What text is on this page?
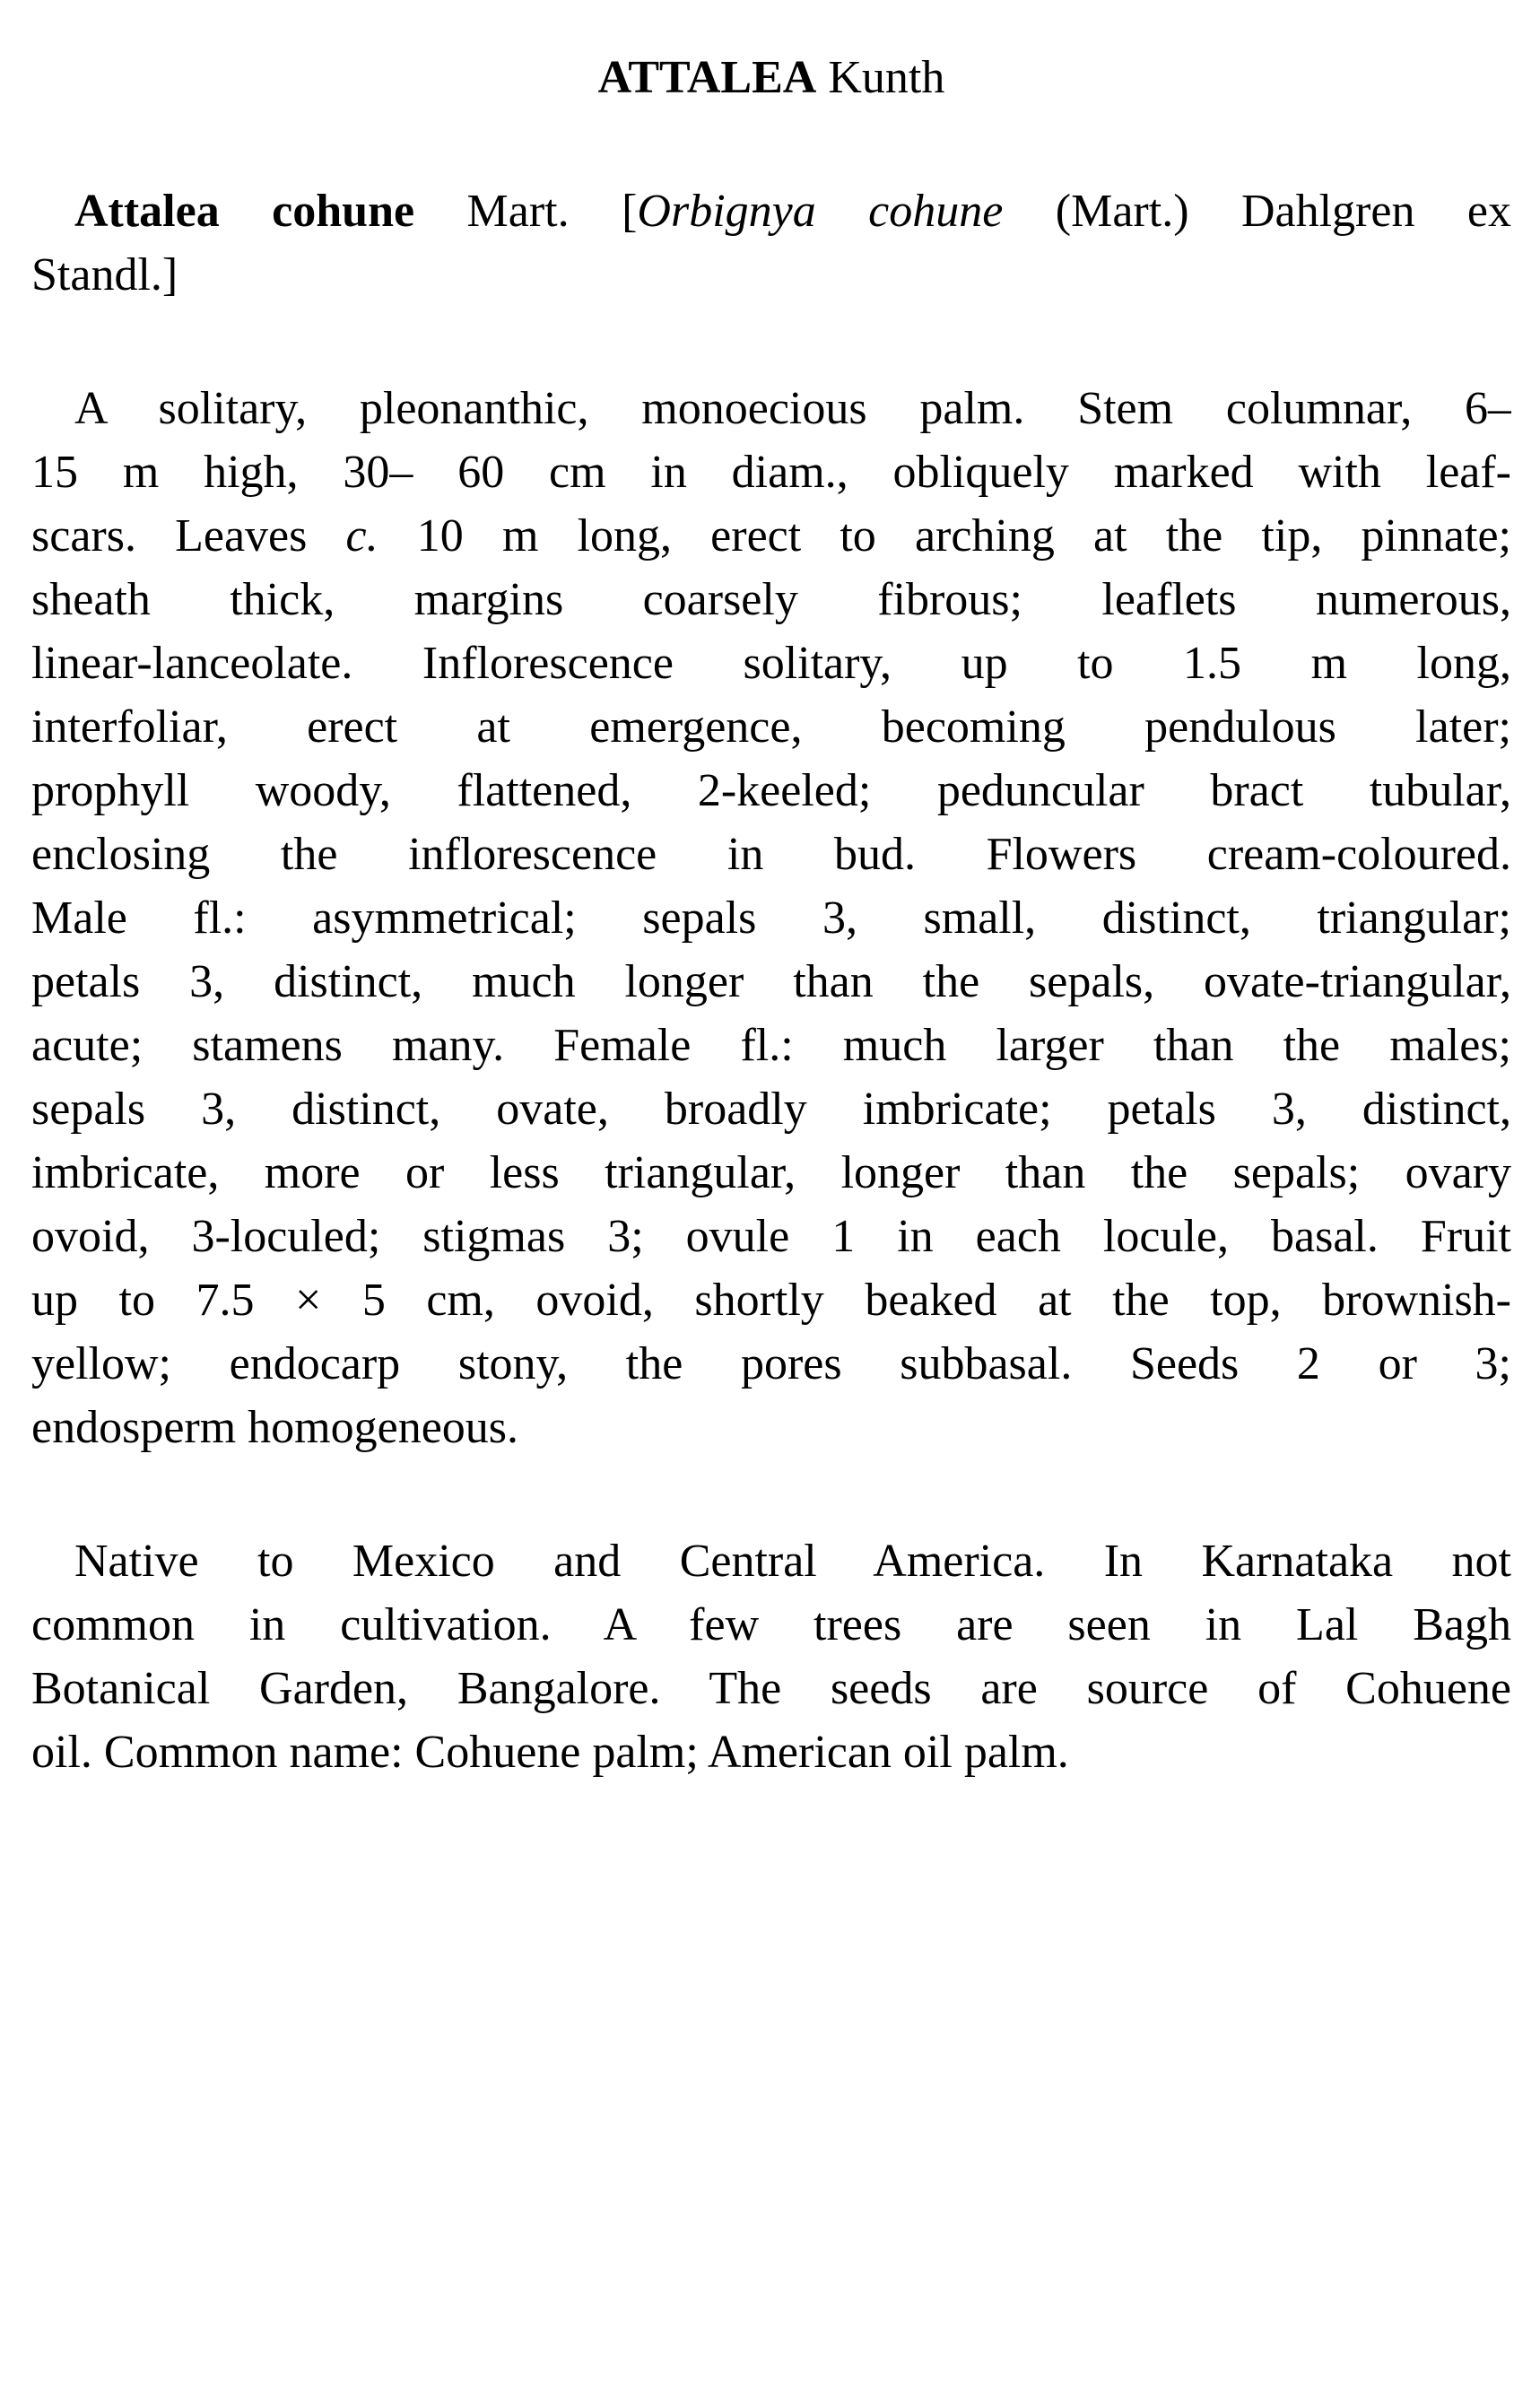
ATTALEA Kunth
Attalea cohune Mart. [Orbignya cohune (Mart.) Dahlgren ex
Standl.]
A solitary, pleonanthic, monoecious palm. Stem columnar, 6–
15 m high, 30– 60 cm in diam., obliquely marked with leaf-
scars. Leaves c. 10 m long, erect to arching at the tip, pinnate;
sheath thick, margins coarsely fibrous; leaflets numerous,
linear-lanceolate. Inflorescence solitary, up to 1.5 m long,
interfoliar, erect at emergence, becoming pendulous later;
prophyll woody, flattened, 2-keeled; peduncular bract tubular,
enclosing the inflorescence in bud. Flowers cream-coloured.
Male fl.: asymmetrical; sepals 3, small, distinct, triangular;
petals 3, distinct, much longer than the sepals, ovate-triangular,
acute; stamens many. Female fl.: much larger than the males;
sepals 3, distinct, ovate, broadly imbricate; petals 3, distinct,
imbricate, more or less triangular, longer than the sepals; ovary
ovoid, 3-loculed; stigmas 3; ovule 1 in each locule, basal. Fruit
up to 7.5 × 5 cm, ovoid, shortly beaked at the top, brownish-
yellow; endocarp stony, the pores subbasal. Seeds 2 or 3;
endosperm homogeneous.
Native to Mexico and Central America. In Karnataka not
common in cultivation. A few trees are seen in Lal Bagh
Botanical Garden, Bangalore. The seeds are source of Cohuene
oil. Common name: Cohuene palm; American oil palm.
